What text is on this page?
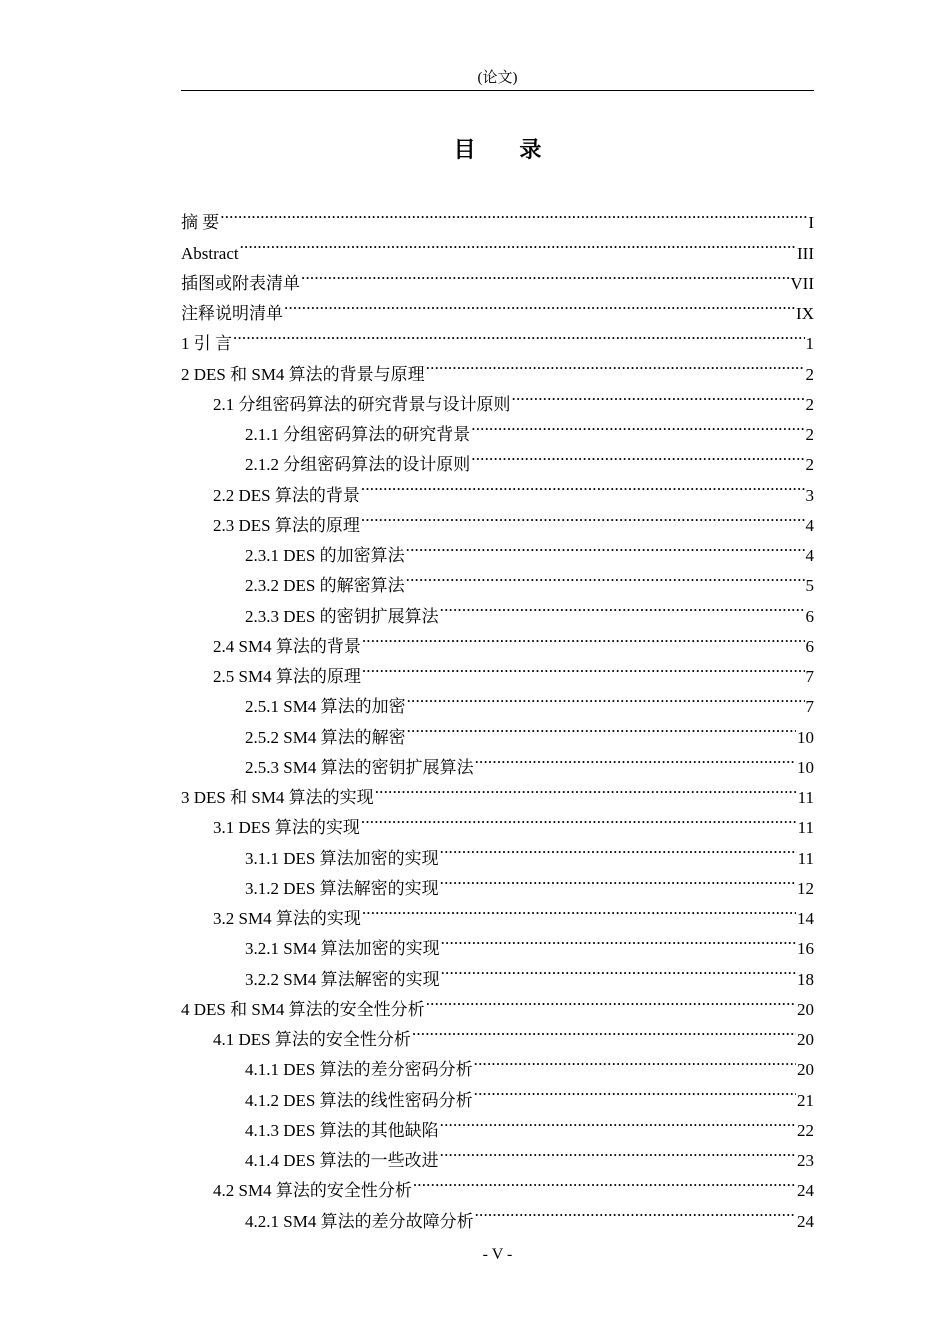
(论文)
目 录
摘 要 .....	I
Abstract .....	III
插图或附表清单 .....	VII
注释说明清单 .....	IX
1 引 言 .....	1
2 DES 和 SM4 算法的背景与原理 .....	2
2.1 分组密码算法的研究背景与设计原则 .....	2
2.1.1 分组密码算法的研究背景 .....	2
2.1.2 分组密码算法的设计原则 .....	2
2.2 DES 算法的背景 .....	3
2.3 DES 算法的原理 .....	4
2.3.1 DES 的加密算法 .....	4
2.3.2 DES 的解密算法 .....	5
2.3.3 DES 的密钥扩展算法 .....	6
2.4 SM4 算法的背景 .....	6
2.5 SM4 算法的原理 .....	7
2.5.1 SM4 算法的加密 .....	7
2.5.2 SM4 算法的解密 .....	10
2.5.3 SM4 算法的密钥扩展算法 .....	10
3 DES 和 SM4 算法的实现 .....	11
3.1 DES 算法的实现 .....	11
3.1.1 DES 算法加密的实现 .....	11
3.1.2 DES 算法解密的实现 .....	12
3.2 SM4 算法的实现 .....	14
3.2.1 SM4 算法加密的实现 .....	16
3.2.2 SM4 算法解密的实现 .....	18
4 DES 和 SM4 算法的安全性分析 .....	20
4.1 DES 算法的安全性分析 .....	20
4.1.1 DES 算法的差分密码分析 .....	20
4.1.2 DES 算法的线性密码分析 .....	21
4.1.3 DES 算法的其他缺陷 .....	22
4.1.4 DES 算法的一些改进 .....	23
4.2 SM4 算法的安全性分析 .....	24
4.2.1 SM4 算法的差分故障分析 .....	24
- V -
